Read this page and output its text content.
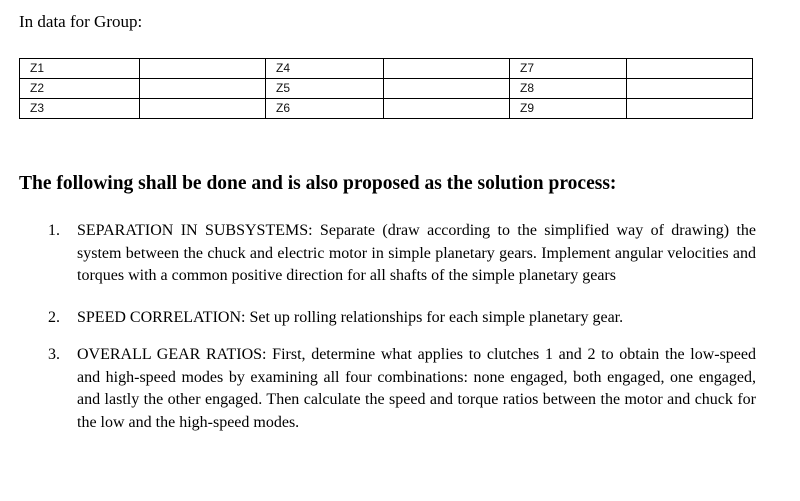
In data for Group:
Z1		Z4		Z7	
Z2		Z5		Z8	
Z3		Z6		Z9	
The following shall be done and is also proposed as the solution process:
1. SEPARATION IN SUBSYSTEMS: Separate (draw according to the simplified way of drawing) the system between the chuck and electric motor in simple planetary gears. Implement angular velocities and torques with a common positive direction for all shafts of the simple planetary gears
2. SPEED CORRELATION: Set up rolling relationships for each simple planetary gear.
3. OVERALL GEAR RATIOS: First, determine what applies to clutches 1 and 2 to obtain the low-speed and high-speed modes by examining all four combinations: none engaged, both engaged, one engaged, and lastly the other engaged. Then calculate the speed and torque ratios between the motor and chuck for the low and the high-speed modes.
